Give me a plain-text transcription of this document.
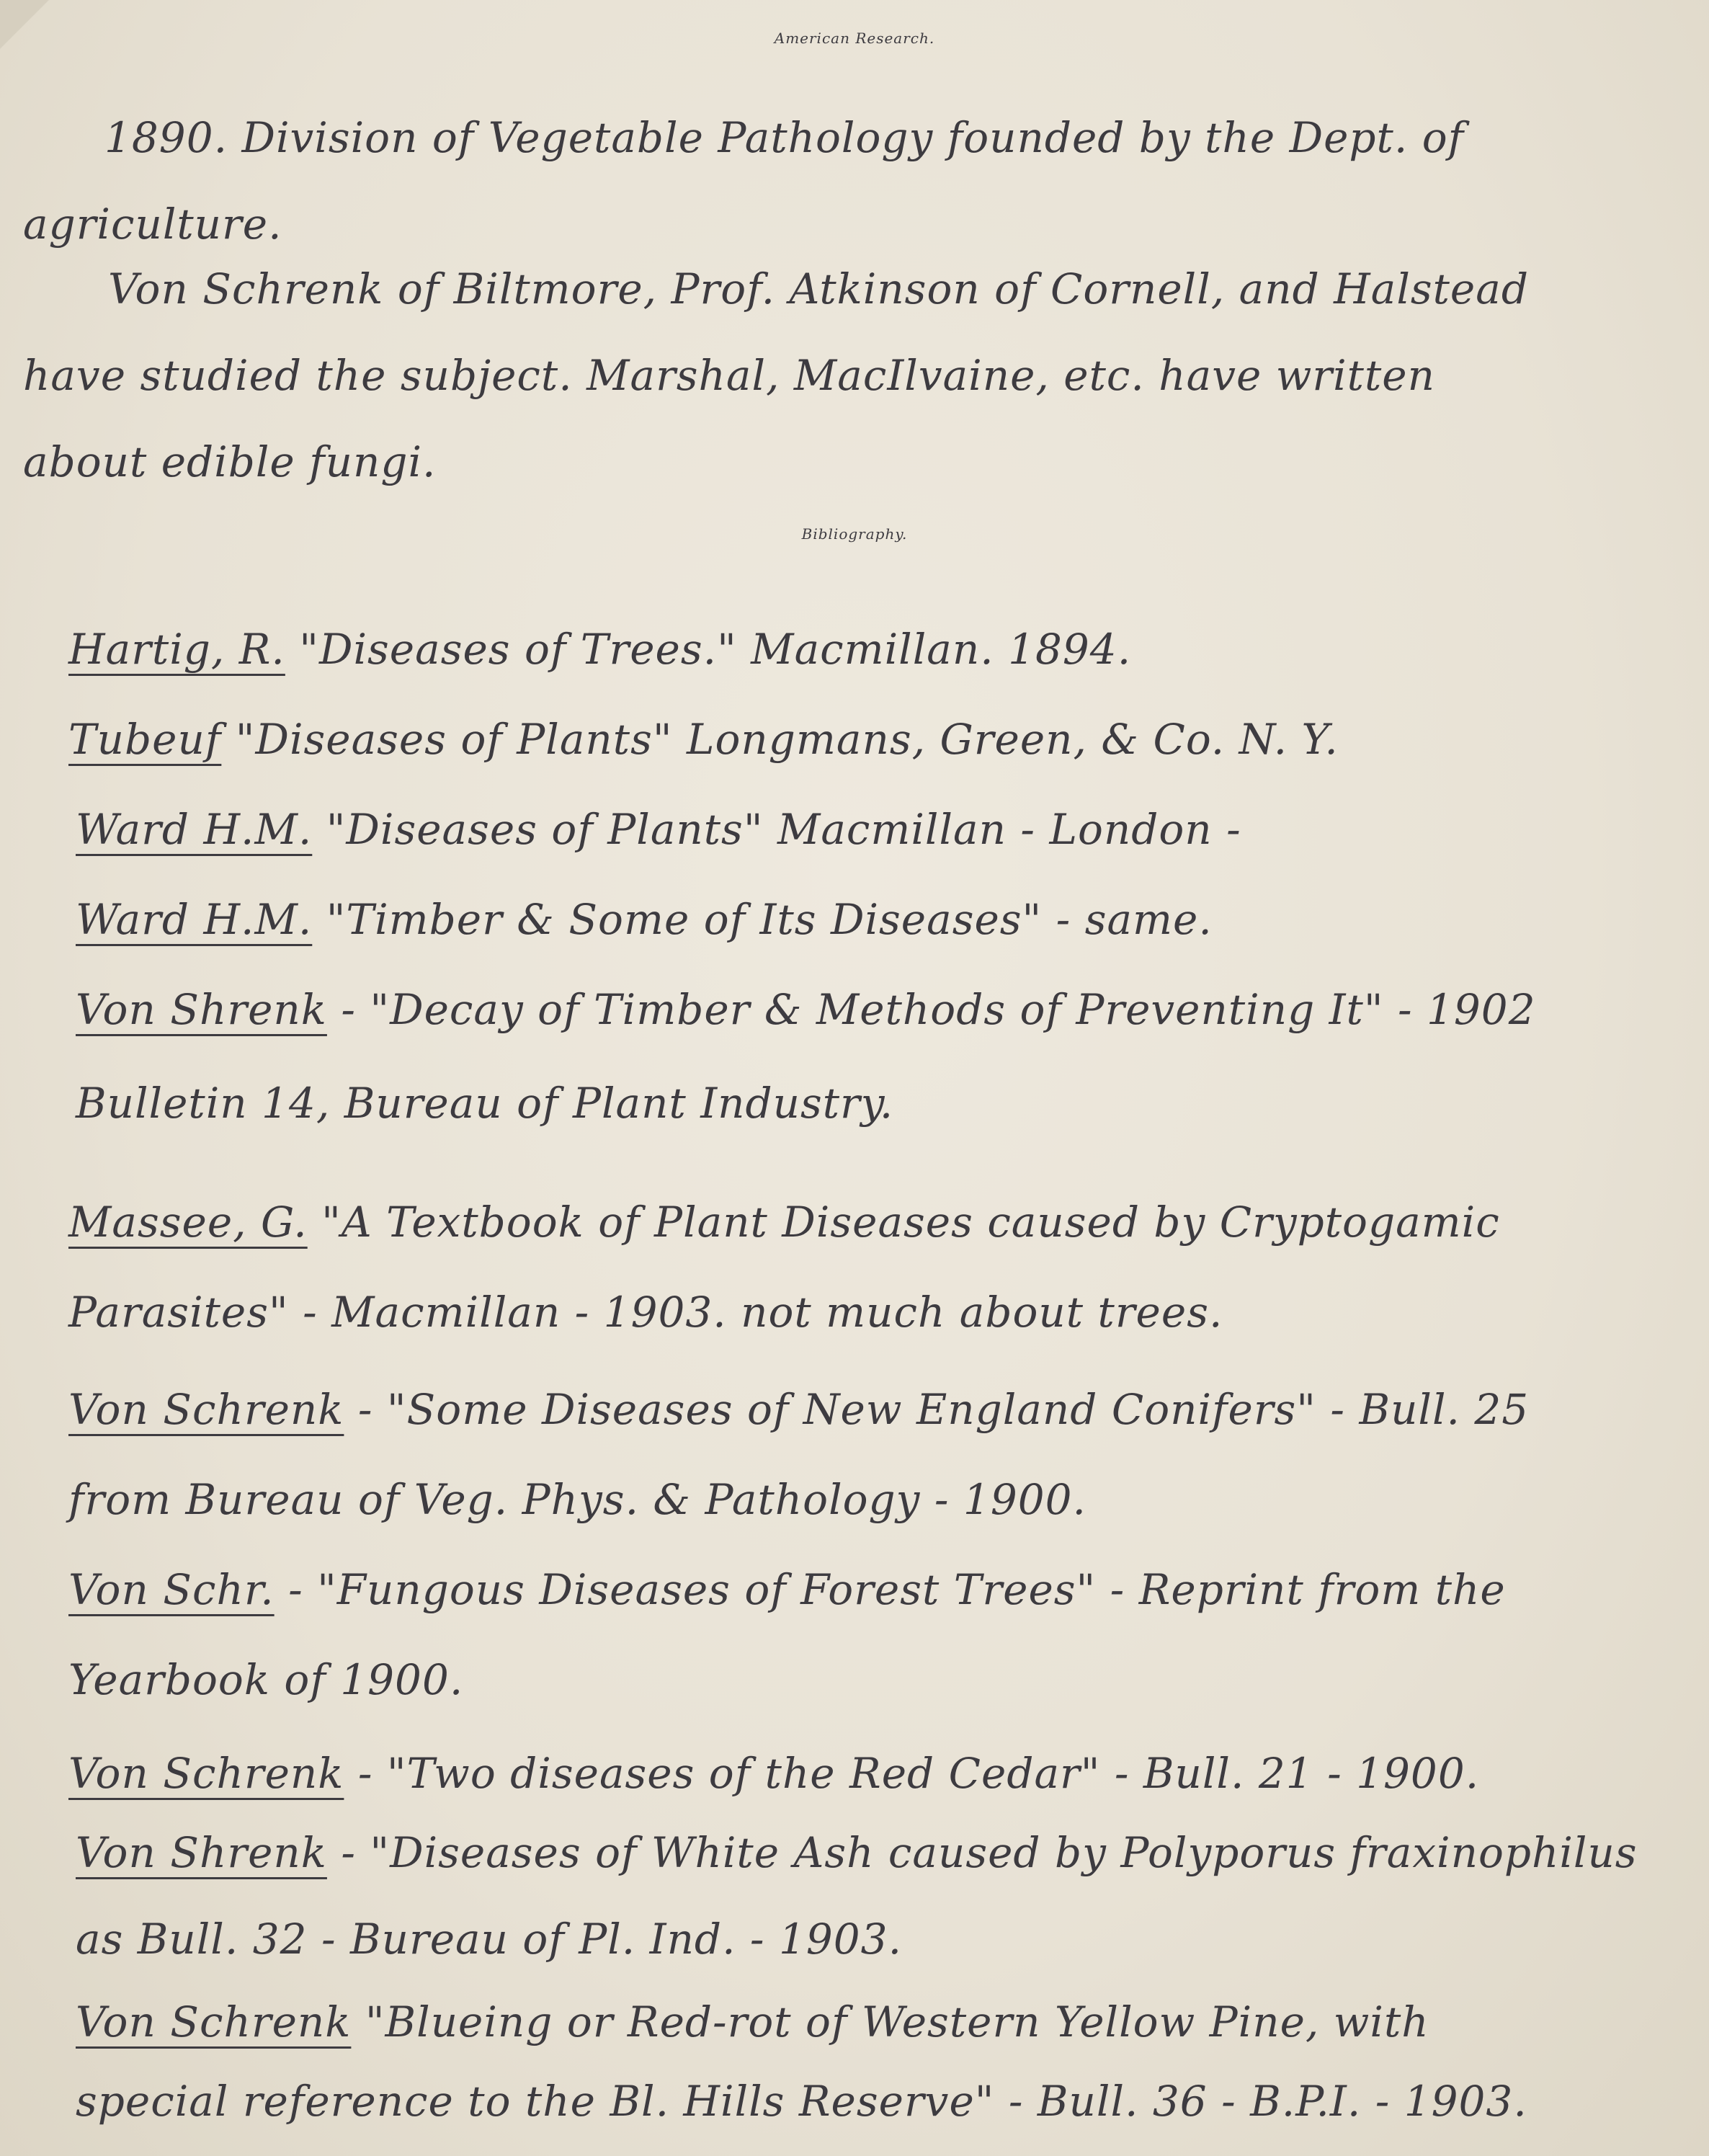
American Research.
1890. Division of Vegetable Pathology founded by the Dept. of
agriculture.
Von Schrenk of Biltmore, Prof. Atkinson of Cornell, and Halstead
have studied the subject. Marshal, MacIlvaine, etc. have written
about edible fungi.
Bibliography.
Hartig, R. "Diseases of Trees." Macmillan. 1894.
Tubeuf "Diseases of Plants" Longmans, Green, & Co. N. Y.
Ward H.M. "Diseases of Plants" Macmillan - London -
Ward H.M. "Timber & Some of Its Diseases" - same.
Von Shrenk - "Decay of Timber & Methods of Preventing It" - 1902
Bulletin 14, Bureau of Plant Industry.
Massee, G. "A Textbook of Plant Diseases caused by Cryptogamic
Parasites" - Macmillan - 1903. not much about trees.
Von Schrenk - "Some Diseases of New England Conifers" - Bull. 25
from Bureau of Veg. Phys. & Pathology - 1900.
Von Schr. - "Fungous Diseases of Forest Trees" - Reprint from the
Yearbook of 1900.
Von Schrenk - "Two diseases of the Red Cedar" - Bull. 21 - 1900.
Von Shrenk - "Diseases of White Ash caused by Polyporus fraxinophilus
as Bull. 32 - Bureau of Pl. Ind. - 1903.
Von Schrenk "Blueing or Red-rot of Western Yellow Pine, with
special reference to the Bl. Hills Reserve" - Bull. 36 - B.P.I. - 1903.
